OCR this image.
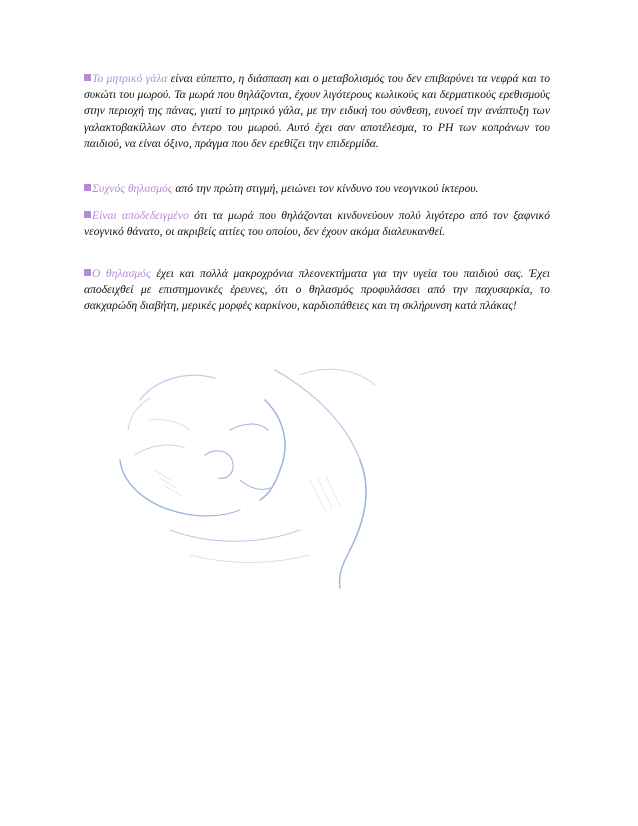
Το μητρικό γάλα είναι εύπεπτο, η διάσπαση και ο μεταβολισμός του δεν επιβαρύνει τα νεφρά και το συκώτι του μωρού. Τα μωρά που θηλάζονται, έχουν λιγότερους κωλικούς και δερματικούς ερεθισμούς στην περιοχή της πάνας, γιατί το μητρικό γάλα, με την ειδική του σύνθεση, ευνοεί την ανάπτυξη των γαλακτοβακίλλων στο έντερο του μωρού. Αυτό έχει σαν αποτέλεσμα, το PH των κοπράνων του παιδιού, να είναι όξινο, πράγμα που δεν ερεθίζει την επιδερμίδα.
Συχνός θηλασμός από την πρώτη στιγμή, μειώνει τον κίνδυνο του νεογνικού ίκτερου.
Είναι αποδεδειγμένο ότι τα μωρά που θηλάζονται κινδυνεύουν πολύ λιγότερο από τον ξαφνικό νεογνικό θάνατο, οι ακριβείς αιτίες του οποίου, δεν έχουν ακόμα διαλευκανθεί.
Ο θηλασμός έχει και πολλά μακροχρόνια πλεονεκτήματα για την υγεία του παιδιού σας. Έχει αποδειχθεί με επιστημονικές έρευνες, ότι ο θηλασμός προφυλάσσει από την παχυσαρκία, το σακχαρώδη διαβήτη, μερικές μορφές καρκίνου, καρδιοπάθειες και τη σκλήρυνση κατά πλάκας!
